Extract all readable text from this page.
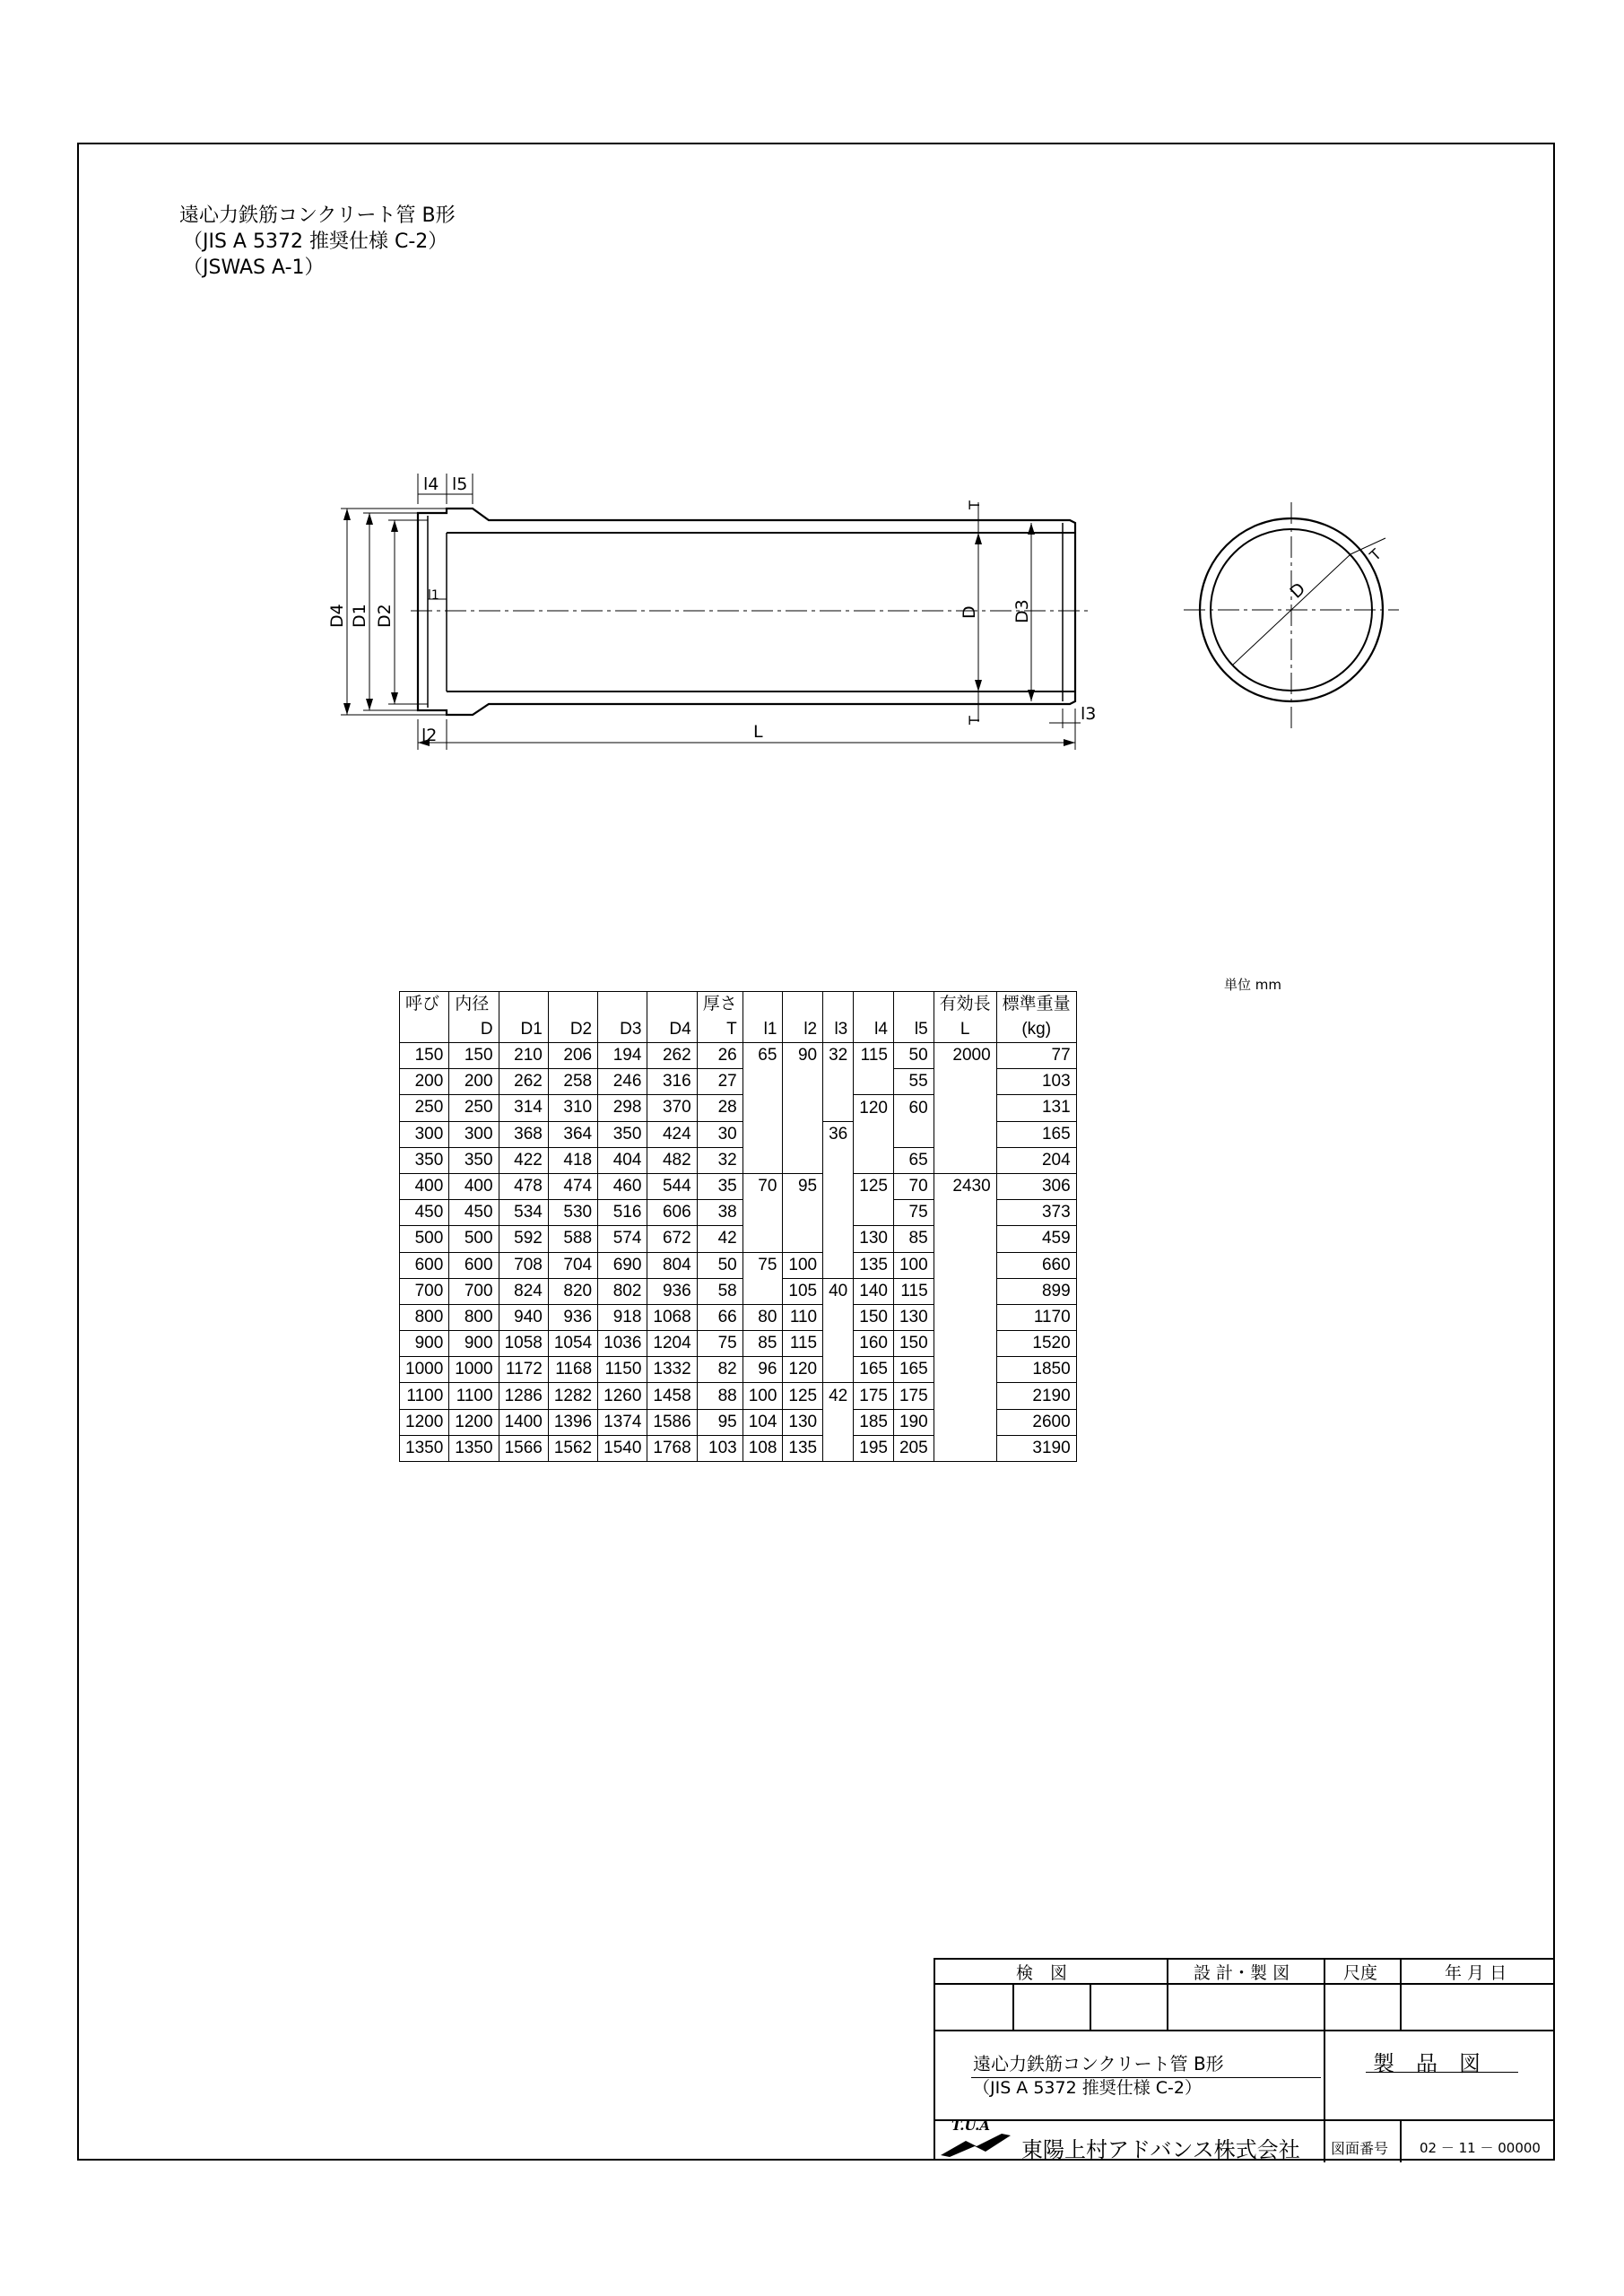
遠心力鉄筋コンクリート管 B形
（JIS A 5372 推奨仕様 C-2）
（JSWAS A-1）
l4 l5
l2
l1
l3
L
T
T
D4 D1 D2	D D3
D
T
単位 mm
呼び	内径					厚さ						有効長	標準重量
	D	D1	D2	D3	D4	T	l1	l2	l3	l4	l5	L	(kg)
150	150	210	206	194	262	26	65	90	32	115	50	2000	77
200	200	262	258	246	316	27					55		103
250	250	314	310	298	370	28				120	60		131
300	300	368	364	350	424	30			36				165
350	350	422	418	404	482	32					65		204
400	400	478	474	460	544	35	70	95		125	70	2430	306
450	450	534	530	516	606	38					75		373
500	500	592	588	574	672	42				130	85		459
600	600	708	704	690	804	50	75	100		135	100		660
700	700	824	820	802	936	58		105	40	140	115		899
800	800	940	936	918	1068	66	80	110		150	130		1170
900	900	1058	1054	1036	1204	75	85	115		160	150		1520
1000	1000	1172	1168	1150	1332	82	96	120		165	165		1850
1100	1100	1286	1282	1260	1458	88	100	125	42	175	175		2190
1200	1200	1400	1396	1374	1586	95	104	130		185	190		2600
1350	1350	1566	1562	1540	1768	103	108	135		195	205		3190
検　図	設 計・製 図	尺度	年 月 日
遠心力鉄筋コンクリート管 B形
（JIS A 5372 推奨仕様 C-2）
製　品　図
T.U.A
東陽上村アドバンス株式会社 図面番号 02 － 11 － 00000
